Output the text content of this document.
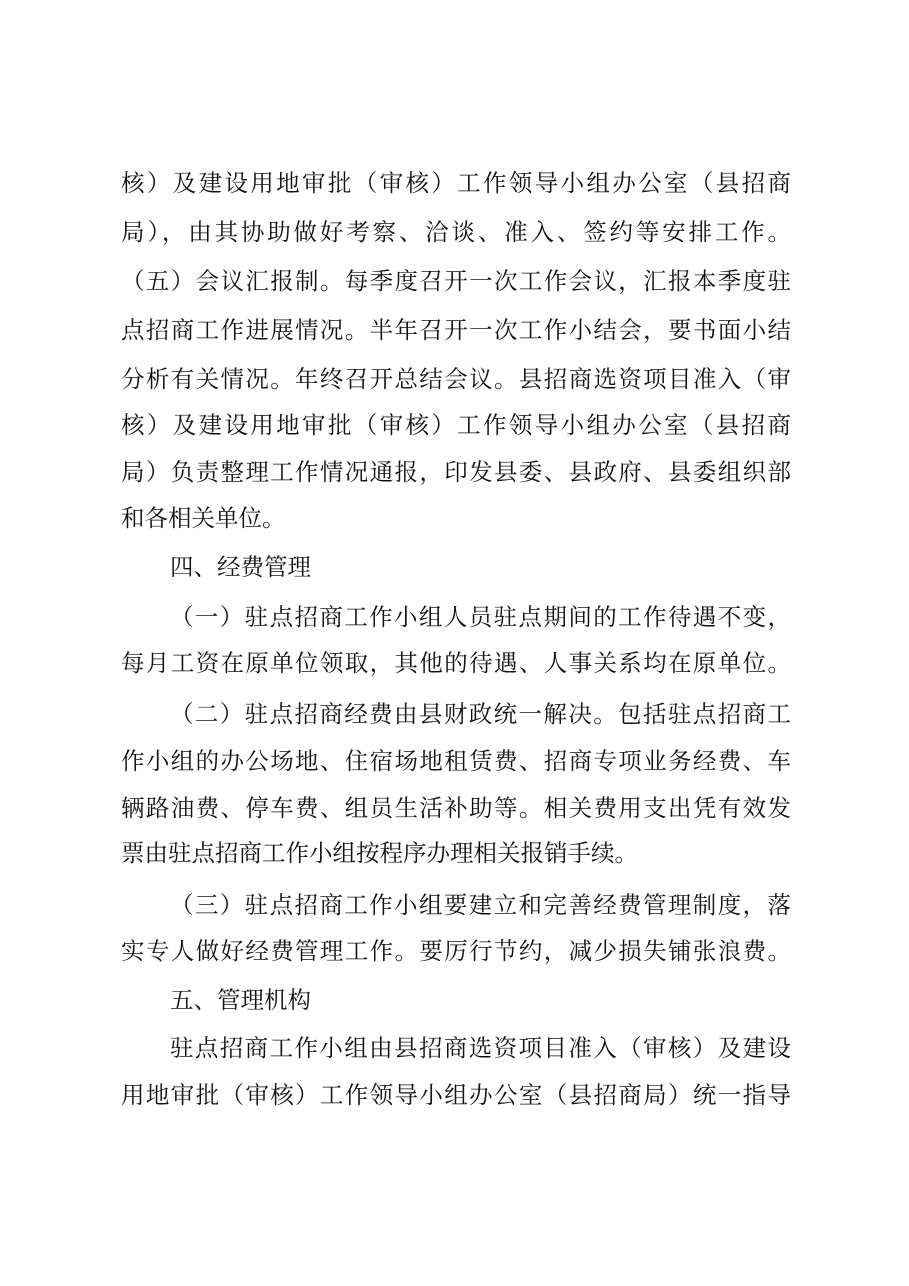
核）及建设用地审批（审核）工作领导小组办公室（县招商

局），由其协助做好考察、洽谈、准入、签约等安排工作。

（五）会议汇报制。每季度召开一次工作会议，汇报本季度驻

点招商工作进展情况。半年召开一次工作小结会，要书面小结

分析有关情况。年终召开总结会议。县招商选资项目准入（审

核）及建设用地审批（审核）工作领导小组办公室（县招商

局）负责整理工作情况通报，印发县委、县政府、县委组织部

和各相关单位。

四、经费管理

（一）驻点招商工作小组人员驻点期间的工作待遇不变，

每月工资在原单位领取，其他的待遇、人事关系均在原单位。

（二）驻点招商经费由县财政统一解决。包括驻点招商工

作小组的办公场地、住宿场地租赁费、招商专项业务经费、车

辆路油费、停车费、组员生活补助等。相关费用支出凭有效发

票由驻点招商工作小组按程序办理相关报销手续。

（三）驻点招商工作小组要建立和完善经费管理制度，落

实专人做好经费管理工作。要厉行节约，减少损失铺张浪费。

五、管理机构

驻点招商工作小组由县招商选资项目准入（审核）及建设

用地审批（审核）工作领导小组办公室（县招商局）统一指导
